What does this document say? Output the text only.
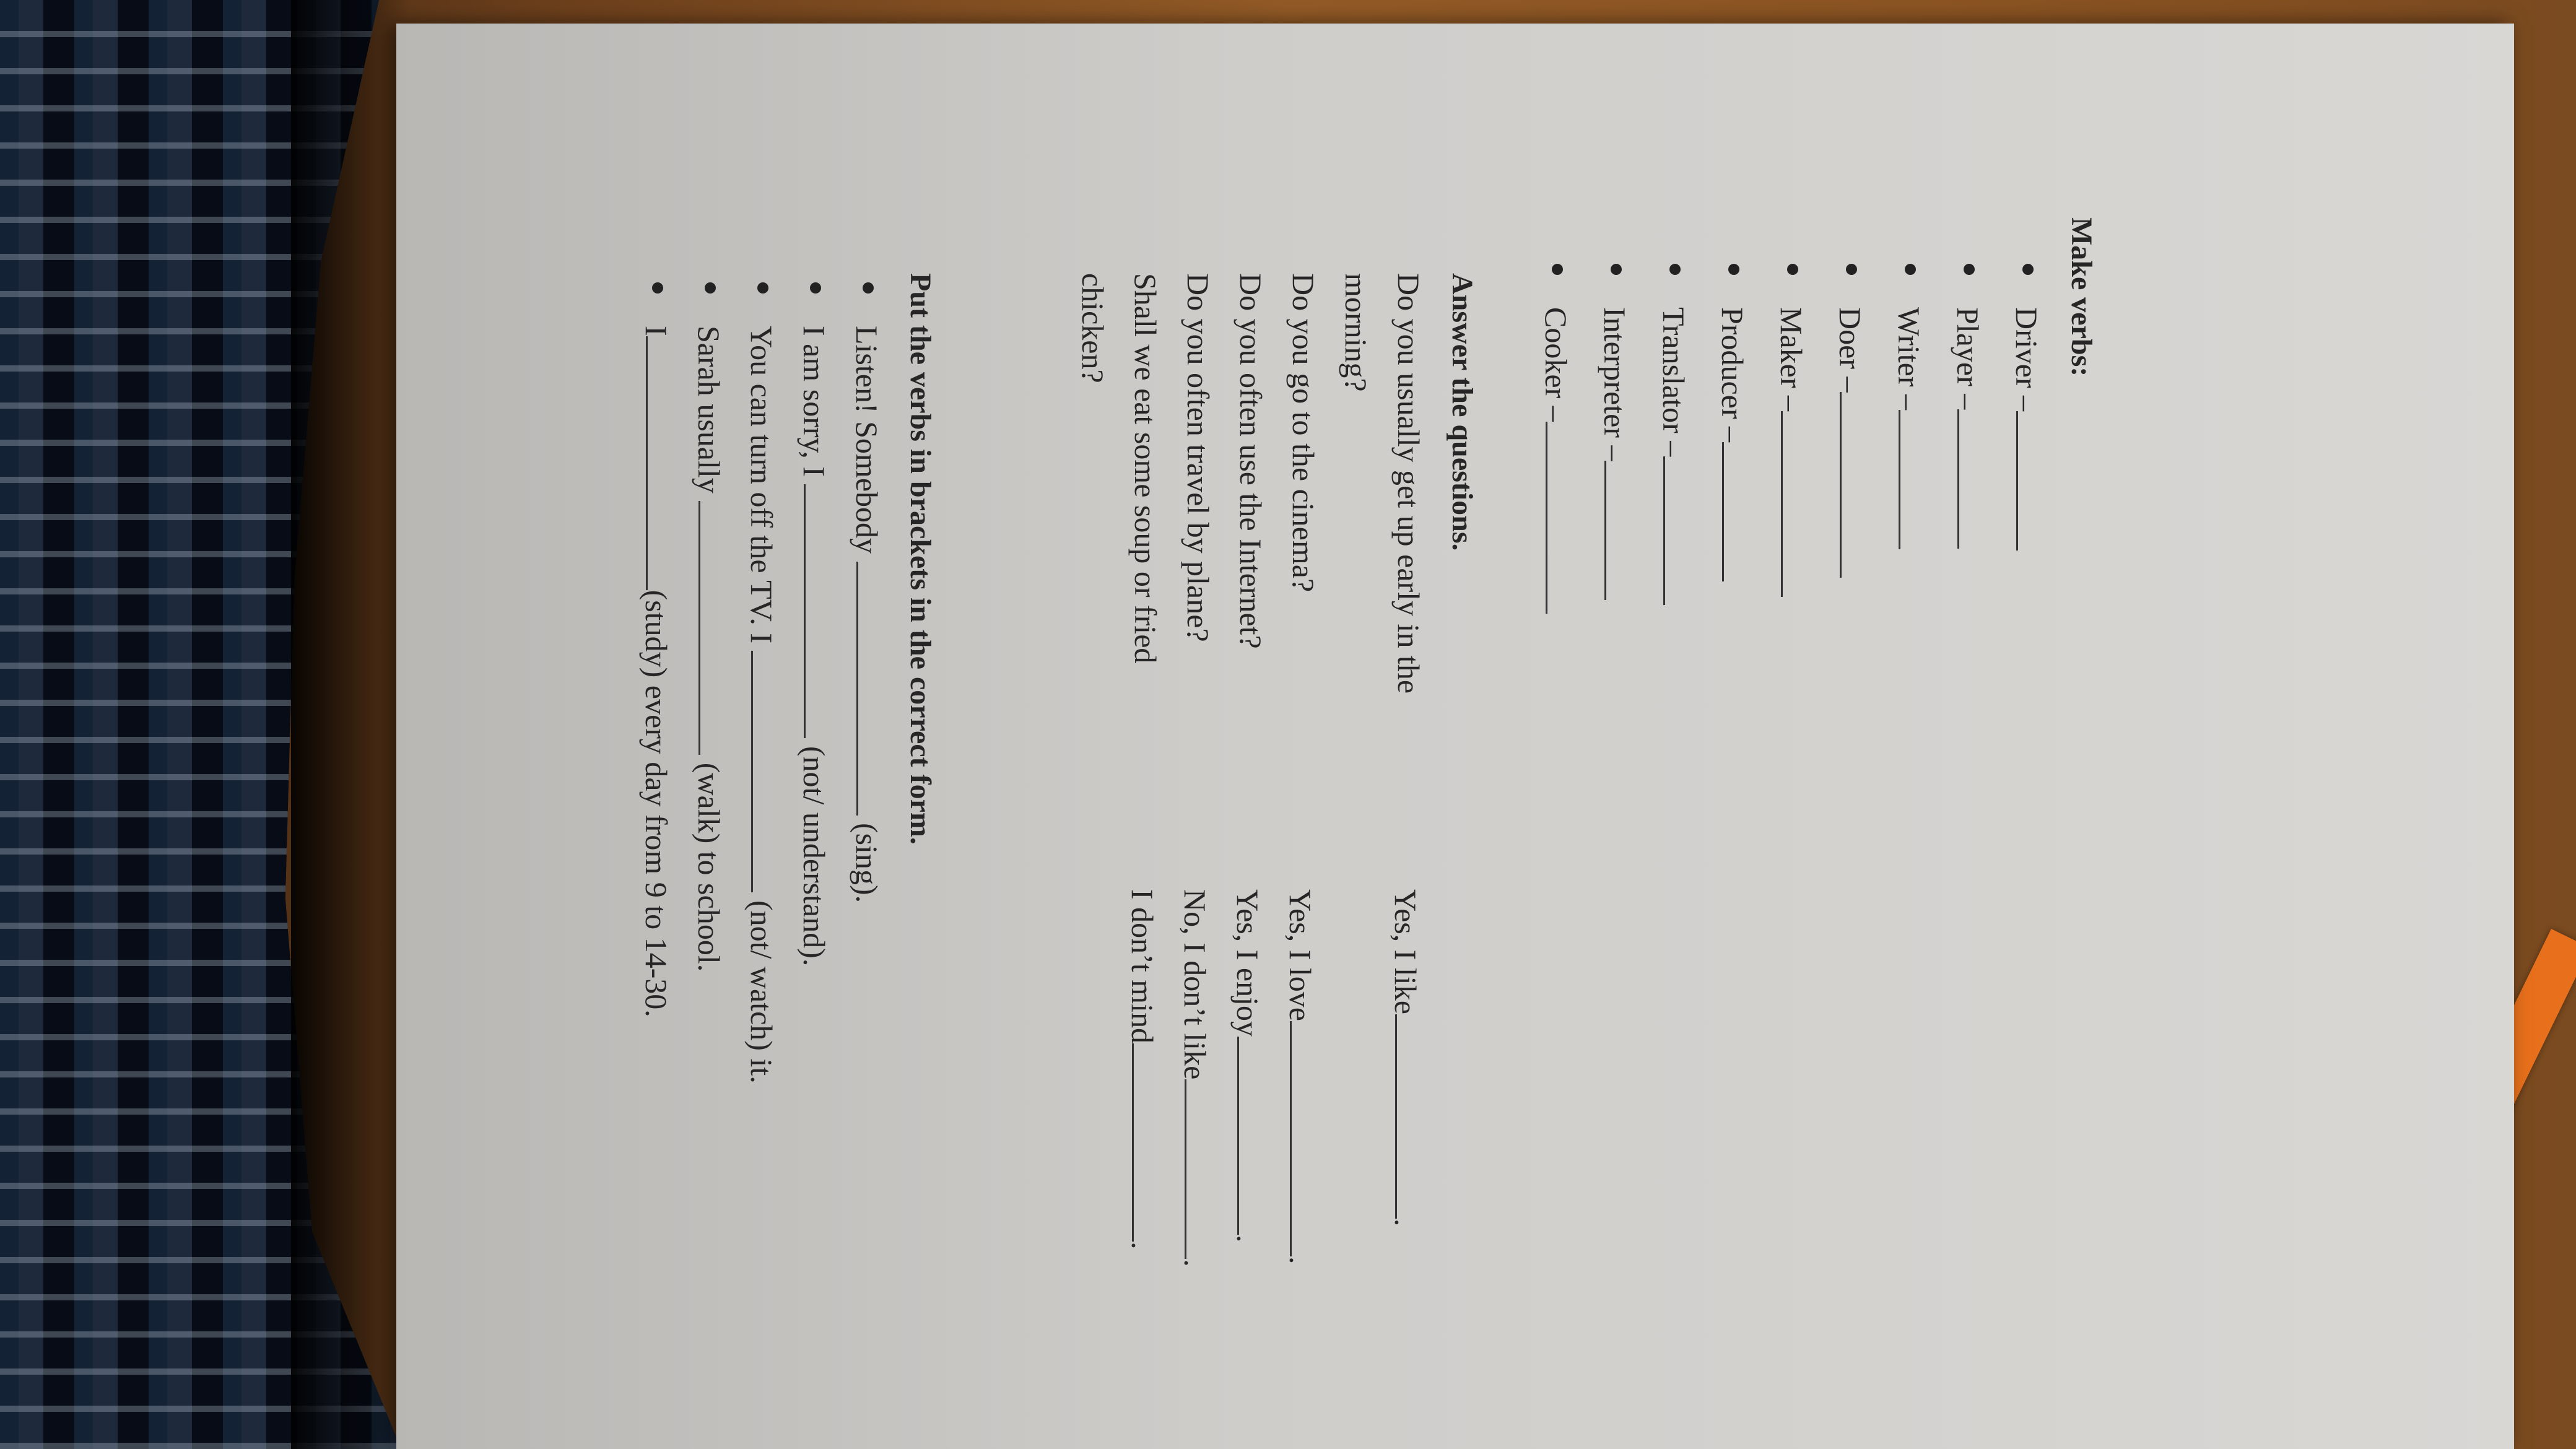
Make verbs:
Driver –
Player –
Writer –
Doer –
Maker –
Producer –
Translator –
Interpreter –
Cooker –
Answer the questions.
Do you usually get up early in the
morning?
Yes, I like.
Do you go to the cinema?
Yes, I love.
Do you often use the Internet?
Yes, I enjoy.
Do you often travel by plane?
No, I don’t like.
Shall we eat some soup or fried
chicken?
I don’t mind.
Put the verbs in brackets in the correct form.
Listen! Somebody  (sing).
I am sorry, I  (not/ understand).
You can turn off the TV. I  (not/ watch) it.
Sarah usually  (walk) to school.
I(study) every day from 9 to 14-30.
